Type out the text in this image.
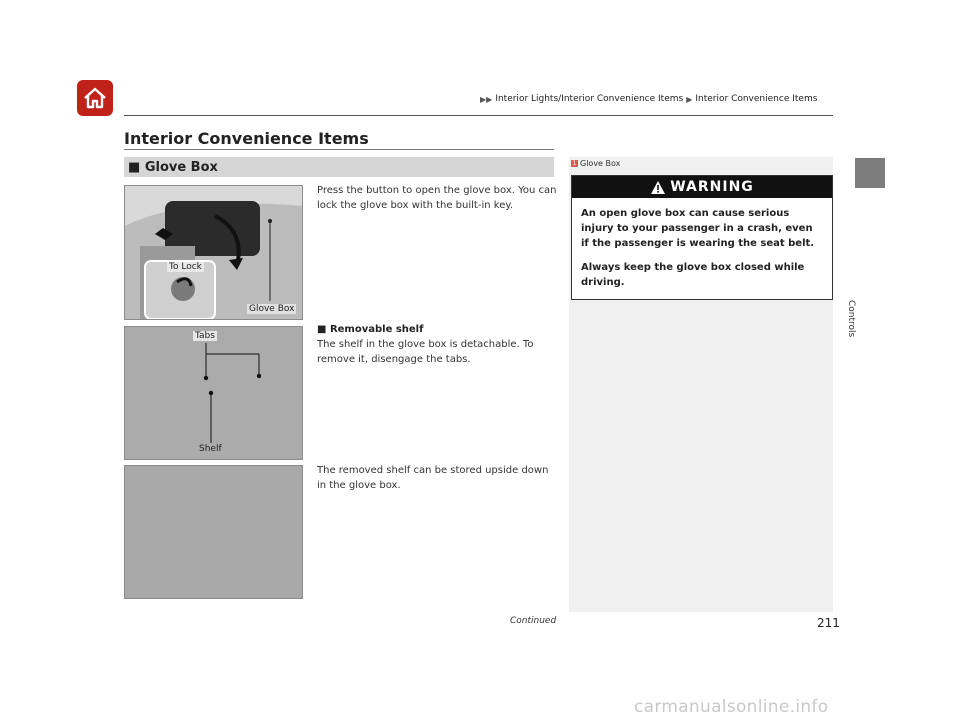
▶▶ Interior Lights/Interior Convenience Items ▶ Interior Convenience Items
Interior Convenience Items
Controls
■ Glove Box
To Lock
Glove Box
Tabs
Shelf
Press the button to open the glove box. You can lock the glove box with the built-in key.
■ Removable shelf
The shelf in the glove box is detachable. To remove it, disengage the tabs.
The removed shelf can be stored upside down in the glove box.
1 Glove Box
WARNING

An open glove box can cause serious injury to your passenger in a crash, even if the passenger is wearing the seat belt.

Always keep the glove box closed while driving.

Continued	211
carmanualsonline.info
